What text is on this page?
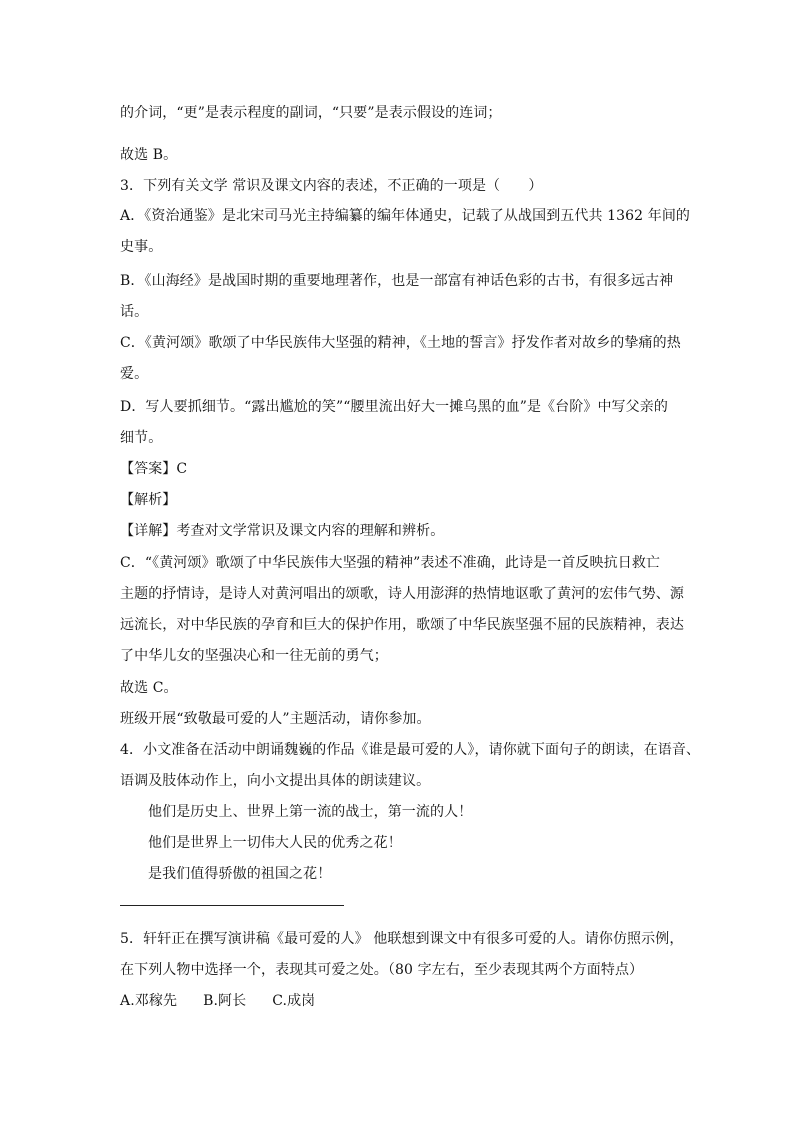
的介词，“更”是表示程度的副词，“只要”是表示假设的连词；
故选 B。
3．下列有关文学 常识及课文内容的表述，不正确的一项是（　　）
A．《资治通鉴》是北宋司马光主持编纂的编年体通史，记载了从战国到五代共 1362 年间的
史事。
B．《山海经》是战国时期的重要地理著作，也是一部富有神话色彩的古书，有很多远古神
话。
C．《黄河颂》歌颂了中华民族伟大坚强的精神，《土地的誓言》抒发作者对故乡的挚痛的热
爱。
D．写人要抓细节。“露出尴尬的笑”“腰里流出好大一摊乌黑的血”是《台阶》中写父亲的
细节。
【答案】C
【解析】
【详解】考查对文学常识及课文内容的理解和辨析。
C．“《黄河颂》歌颂了中华民族伟大坚强的精神”表述不准确，此诗是一首反映抗日救亡
主题的抒情诗，是诗人对黄河唱出的颂歌，诗人用澎湃的热情地讴歌了黄河的宏伟气势、源
远流长，对中华民族的孕育和巨大的保护作用，歌颂了中华民族坚强不屈的民族精神，表达
了中华儿女的坚强决心和一往无前的勇气；
故选 C。
班级开展“致敬最可爱的人”主题活动，请你参加。
4．小文准备在活动中朗诵魏巍的作品《谁是最可爱的人》，请你就下面句子的朗读，在语音、
语调及肢体动作上，向小文提出具体的朗读建议。
他们是历史上、世界上第一流的战士，第一流的人！
他们是世界上一切伟大人民的优秀之花！
是我们值得骄傲的祖国之花！
5．轩轩正在撰写演讲稿《最可爱的人》 他联想到课文中有很多可爱的人。请你仿照示例，
在下列人物中选择一个，表现其可爱之处。（80 字左右，至少表现其两个方面特点）
A.邓稼先 B.阿长 C.成岗
